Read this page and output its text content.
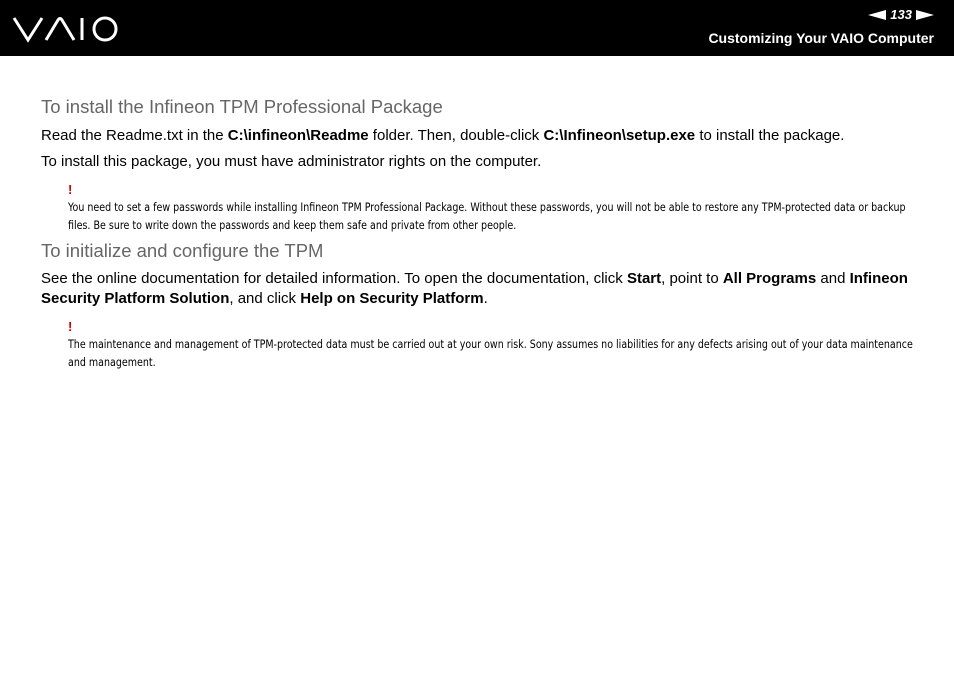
133
Customizing Your VAIO Computer
To install the Infineon TPM Professional Package

Read the Readme.txt in the C:\infineon\Readme folder. Then, double-click C:\Infineon\setup.exe to install the package.

To install this package, you must have administrator rights on the computer.

!
You need to set a few passwords while installing Infineon TPM Professional Package. Without these passwords, you will not be able to restore any TPM-protected data or backup files. Be sure to write down the passwords and keep them safe and private from other people.
To initialize and configure the TPM

See the online documentation for detailed information. To open the documentation, click Start, point to All Programs and Infineon Security Platform Solution, and click Help on Security Platform.

!
The maintenance and management of TPM-protected data must be carried out at your own risk. Sony assumes no liabilities for any defects arising out of your data maintenance and management.
